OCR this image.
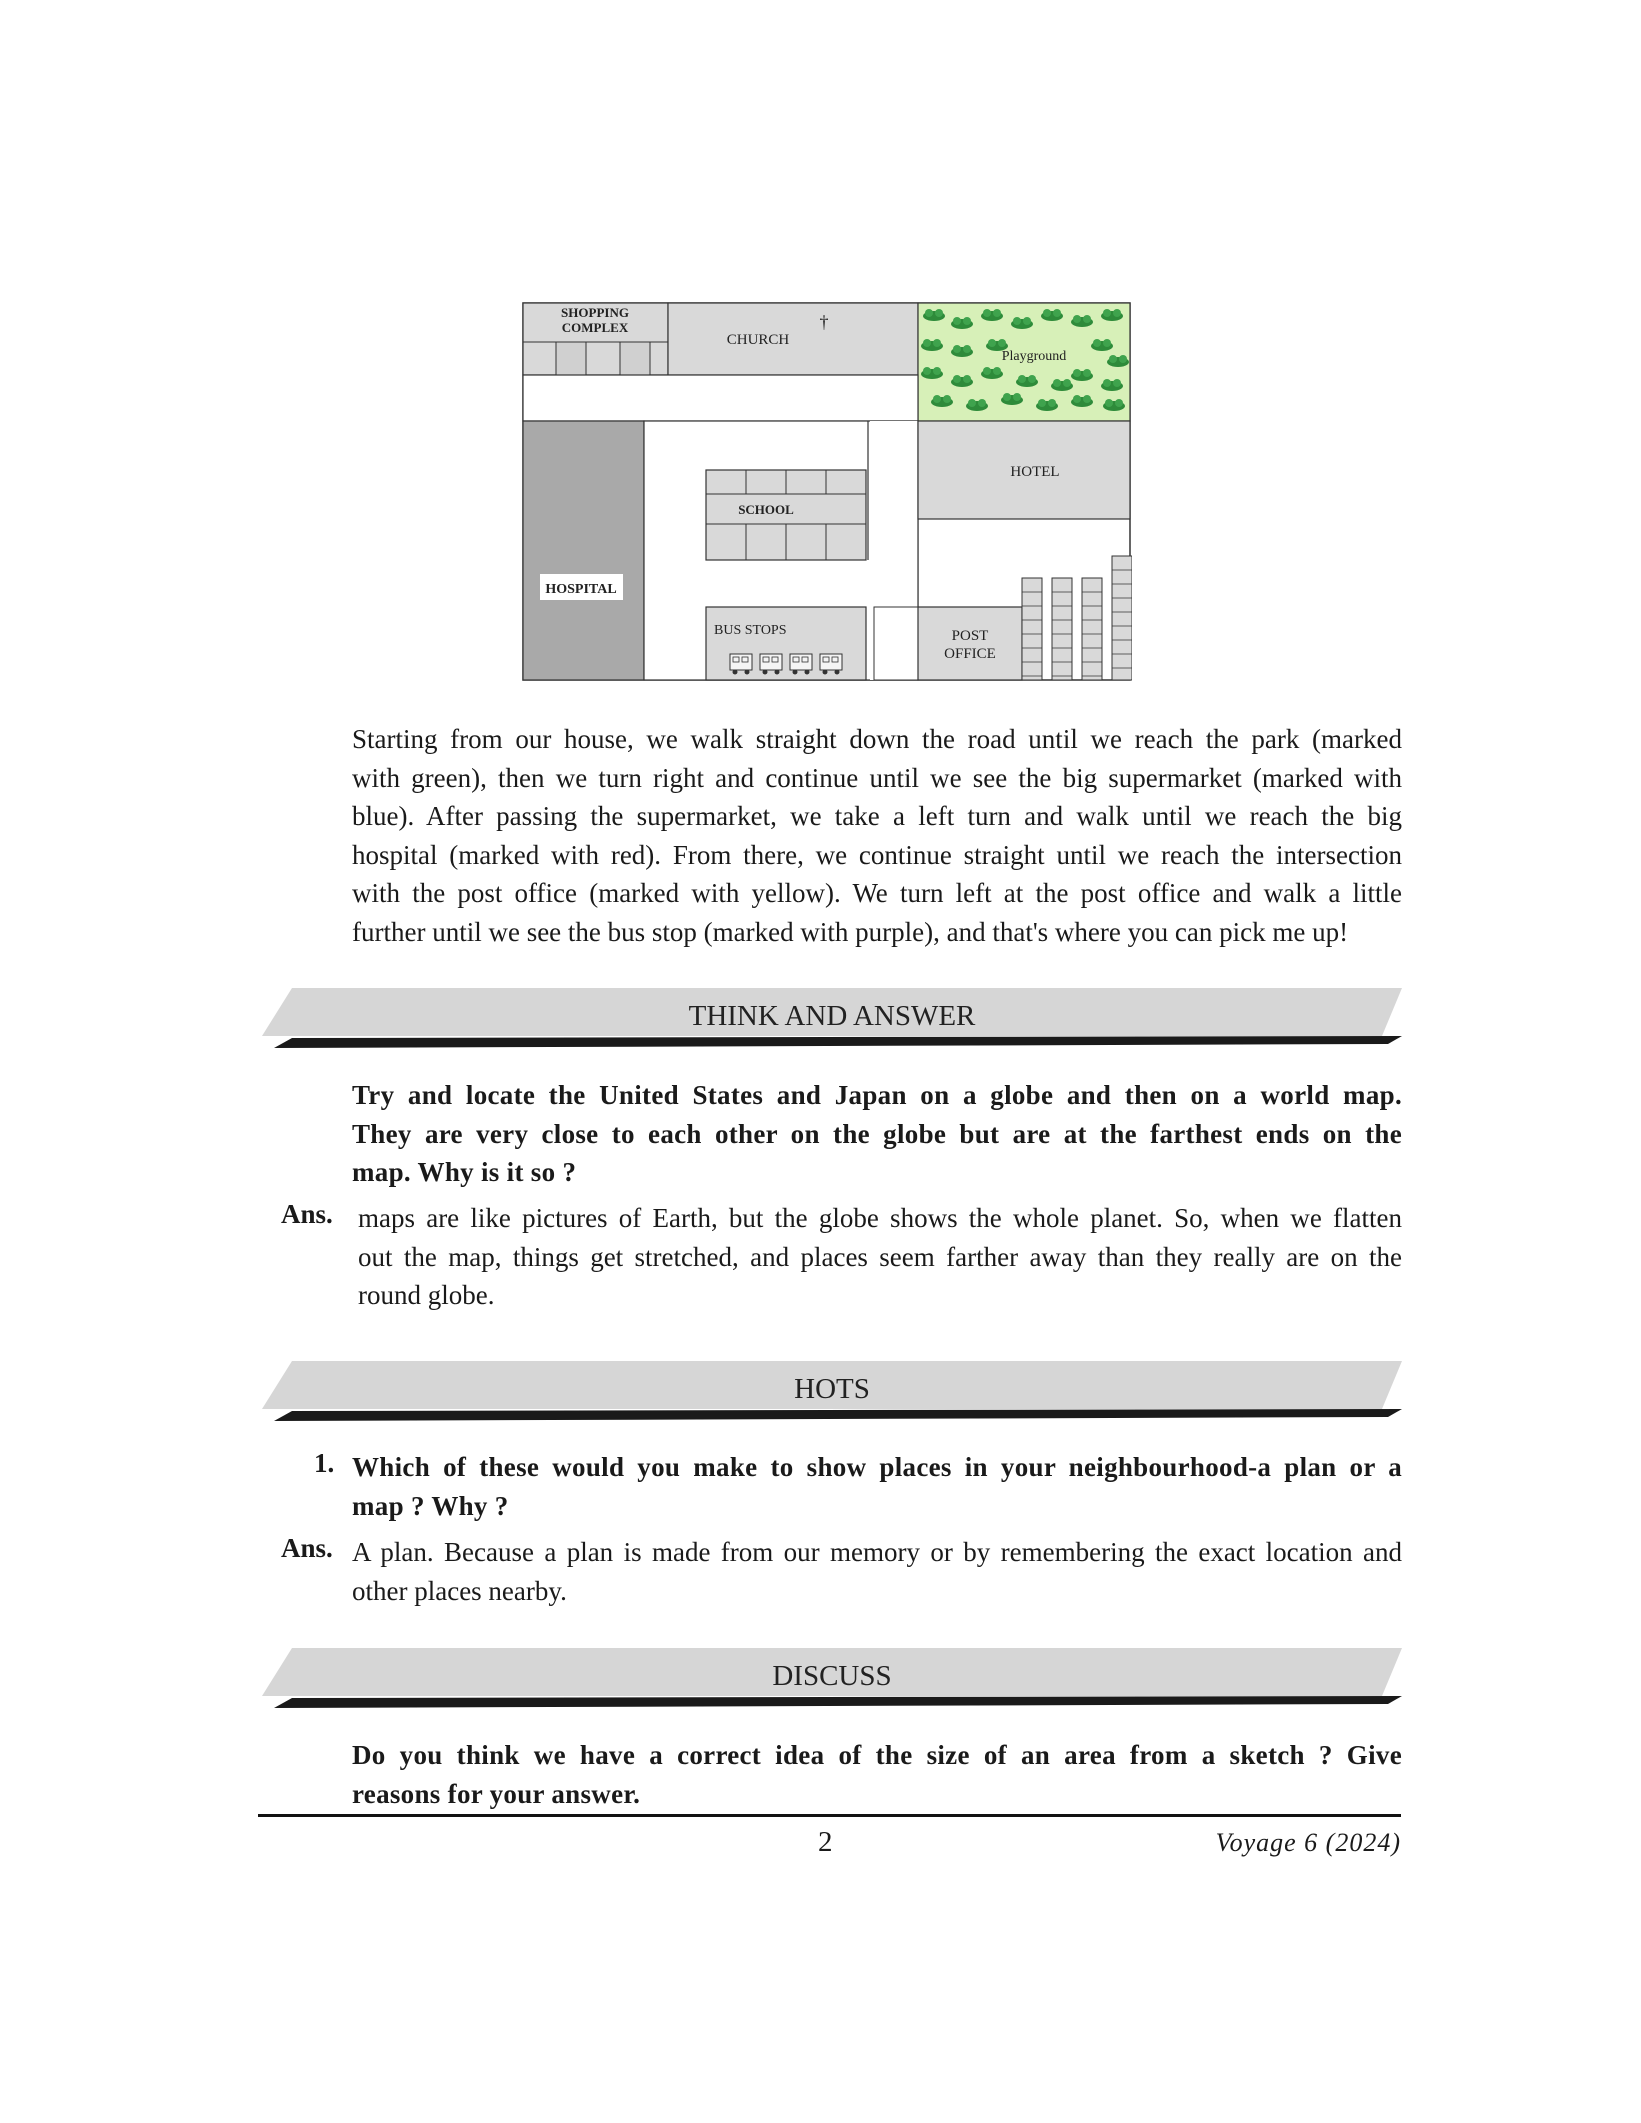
SHOPPING
COMPLEX
CHURCH
†
Playground
HOSPITAL
SCHOOL
BUS STOPS	POST
OFFICE
HOTEL
Starting from our house, we walk straight down the road until we reach the park (marked
with green), then we turn right and continue until we see the big supermarket (marked with
blue). After passing the supermarket, we take a left turn and walk until we reach the big
hospital (marked with red). From there, we continue straight until we reach the intersection
with the post office (marked with yellow). We turn left at the post office and walk a little
further until we see the bus stop (marked with purple), and that's where you can pick me up!
THINK AND ANSWER
Try and locate the United States and Japan on a globe and then on a world map.
They are very close to each other on the globe but are at the farthest ends on the
map. Why is it so ?
Ans. maps are like pictures of Earth, but the globe shows the whole planet. So, when we flatten
out the map, things get stretched, and places seem farther away than they really are on the
round globe.
HOTS
1. Which of these would you make to show places in your neighbourhood-a plan or a
map ? Why ?
Ans. A plan. Because a plan is made from our memory or by remembering the exact location and
other places nearby.
DISCUSS
Do you think we have a correct idea of the size of an area from a sketch ? Give
reasons for your answer.
2	Voyage 6 (2024)
